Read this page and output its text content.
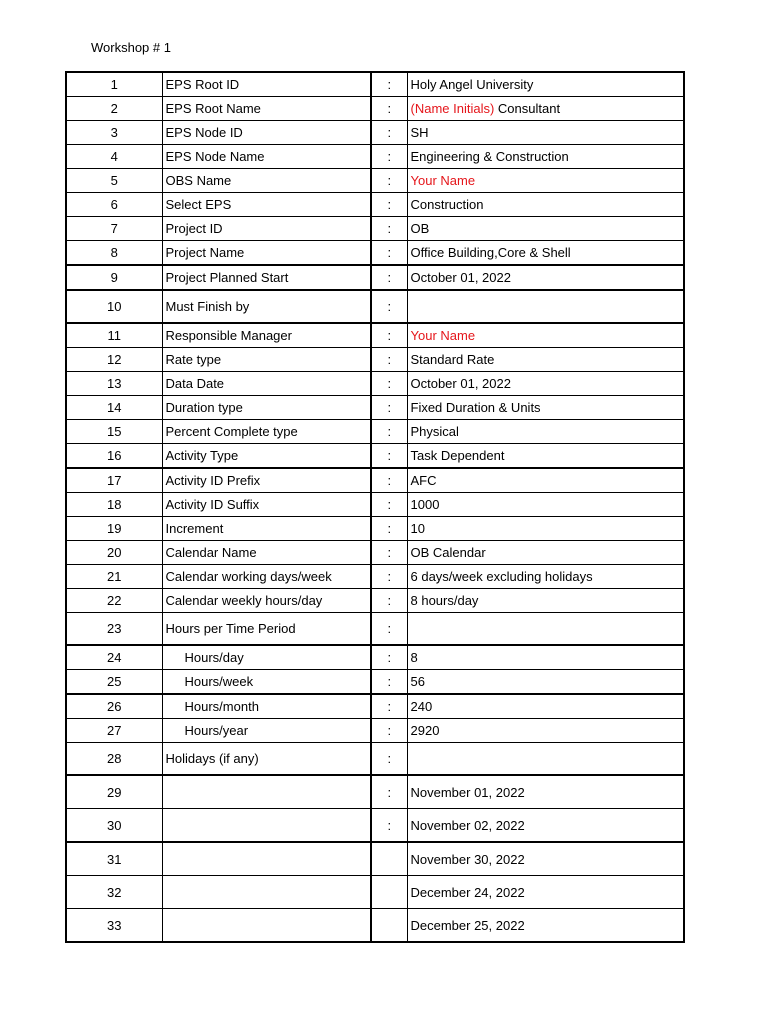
Workshop # 1
1	EPS Root ID	:	Holy Angel University
2	EPS Root Name	:	(Name Initials) Consultant
3	EPS Node ID	:	SH
4	EPS Node Name	:	Engineering & Construction
5	OBS Name	:	Your Name
6	Select EPS	:	Construction
7	Project ID	:	OB
8	Project Name	:	Office Building,Core & Shell
9	Project Planned Start	:	October 01, 2022
10	Must Finish by	:	
11	Responsible Manager	:	Your Name
12	Rate type	:	Standard Rate
13	Data Date	:	October 01, 2022
14	Duration type	:	Fixed Duration & Units
15	Percent Complete type	:	Physical
16	Activity Type	:	Task Dependent
17	Activity ID Prefix	:	AFC
18	Activity ID Suffix	:	1000
19	Increment	:	10
20	Calendar Name	:	OB Calendar
21	Calendar working days/week	:	6 days/week excluding holidays
22	Calendar weekly hours/day	:	8 hours/day
23	Hours per Time Period	:	
24	Hours/day	:	8
25	Hours/week	:	56
26	Hours/month	:	240
27	Hours/year	:	2920
28	Holidays (if any)	:	
29		:	November 01, 2022
30		:	November 02, 2022
31			November 30, 2022
32			December 24, 2022
33			December 25, 2022
